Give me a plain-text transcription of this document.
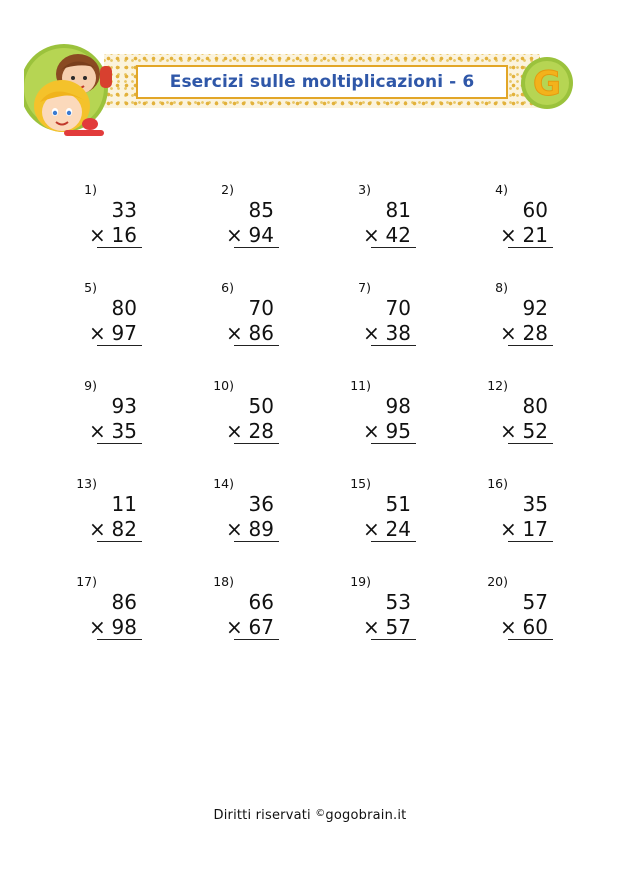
Esercizi sulle moltiplicazioni - 6 G
1)
33
× 16
2)
85
× 94
3)
81
× 42
4)
60
× 21
5)
80
× 97
6)
70
× 86
7)
70
× 38
8)
92
× 28
9)
93
× 35
10)
50
× 28
11)
98
× 95
12)
80
× 52
13)
11
× 82
14)
36
× 89
15)
51
× 24
16)
35
× 17
17)
86
× 98
18)
66
× 67
19)
53
× 57
20)
57
× 60
Diritti riservati ©gogobrain.it
